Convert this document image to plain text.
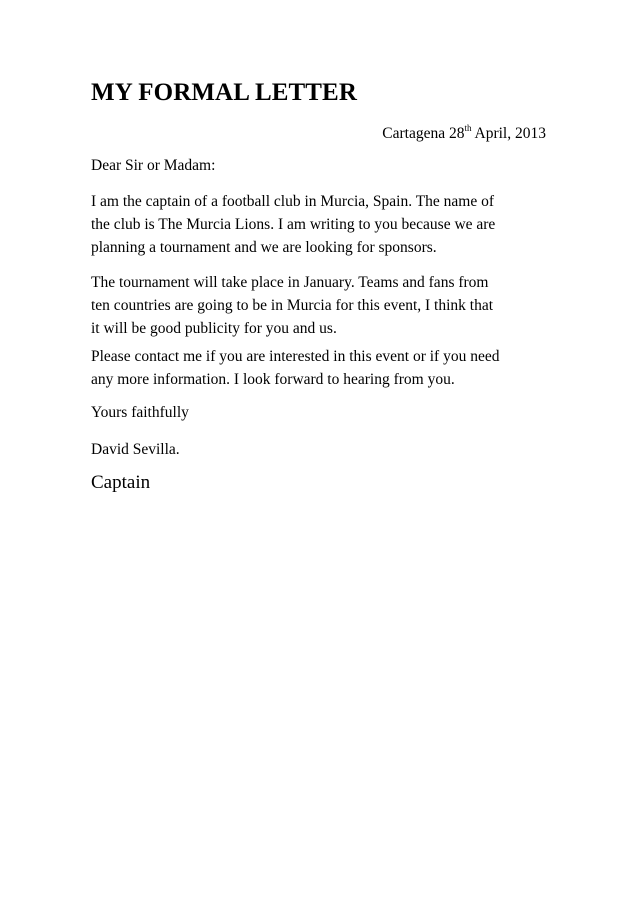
MY FORMAL LETTER
Cartagena 28th April, 2013

Dear Sir or Madam:

I am the captain of a football club in Murcia, Spain. The name of
the club is The Murcia Lions. I am writing to you because we are
planning a tournament and we are looking for sponsors.

The tournament will take place in January. Teams and fans from
ten countries are going to be in Murcia for this event, I think that
it will be good publicity for you and us.

Please contact me if you are interested in this event or if you need
any more information. I look forward to hearing from you.

Yours faithfully

David Sevilla.

Captain
